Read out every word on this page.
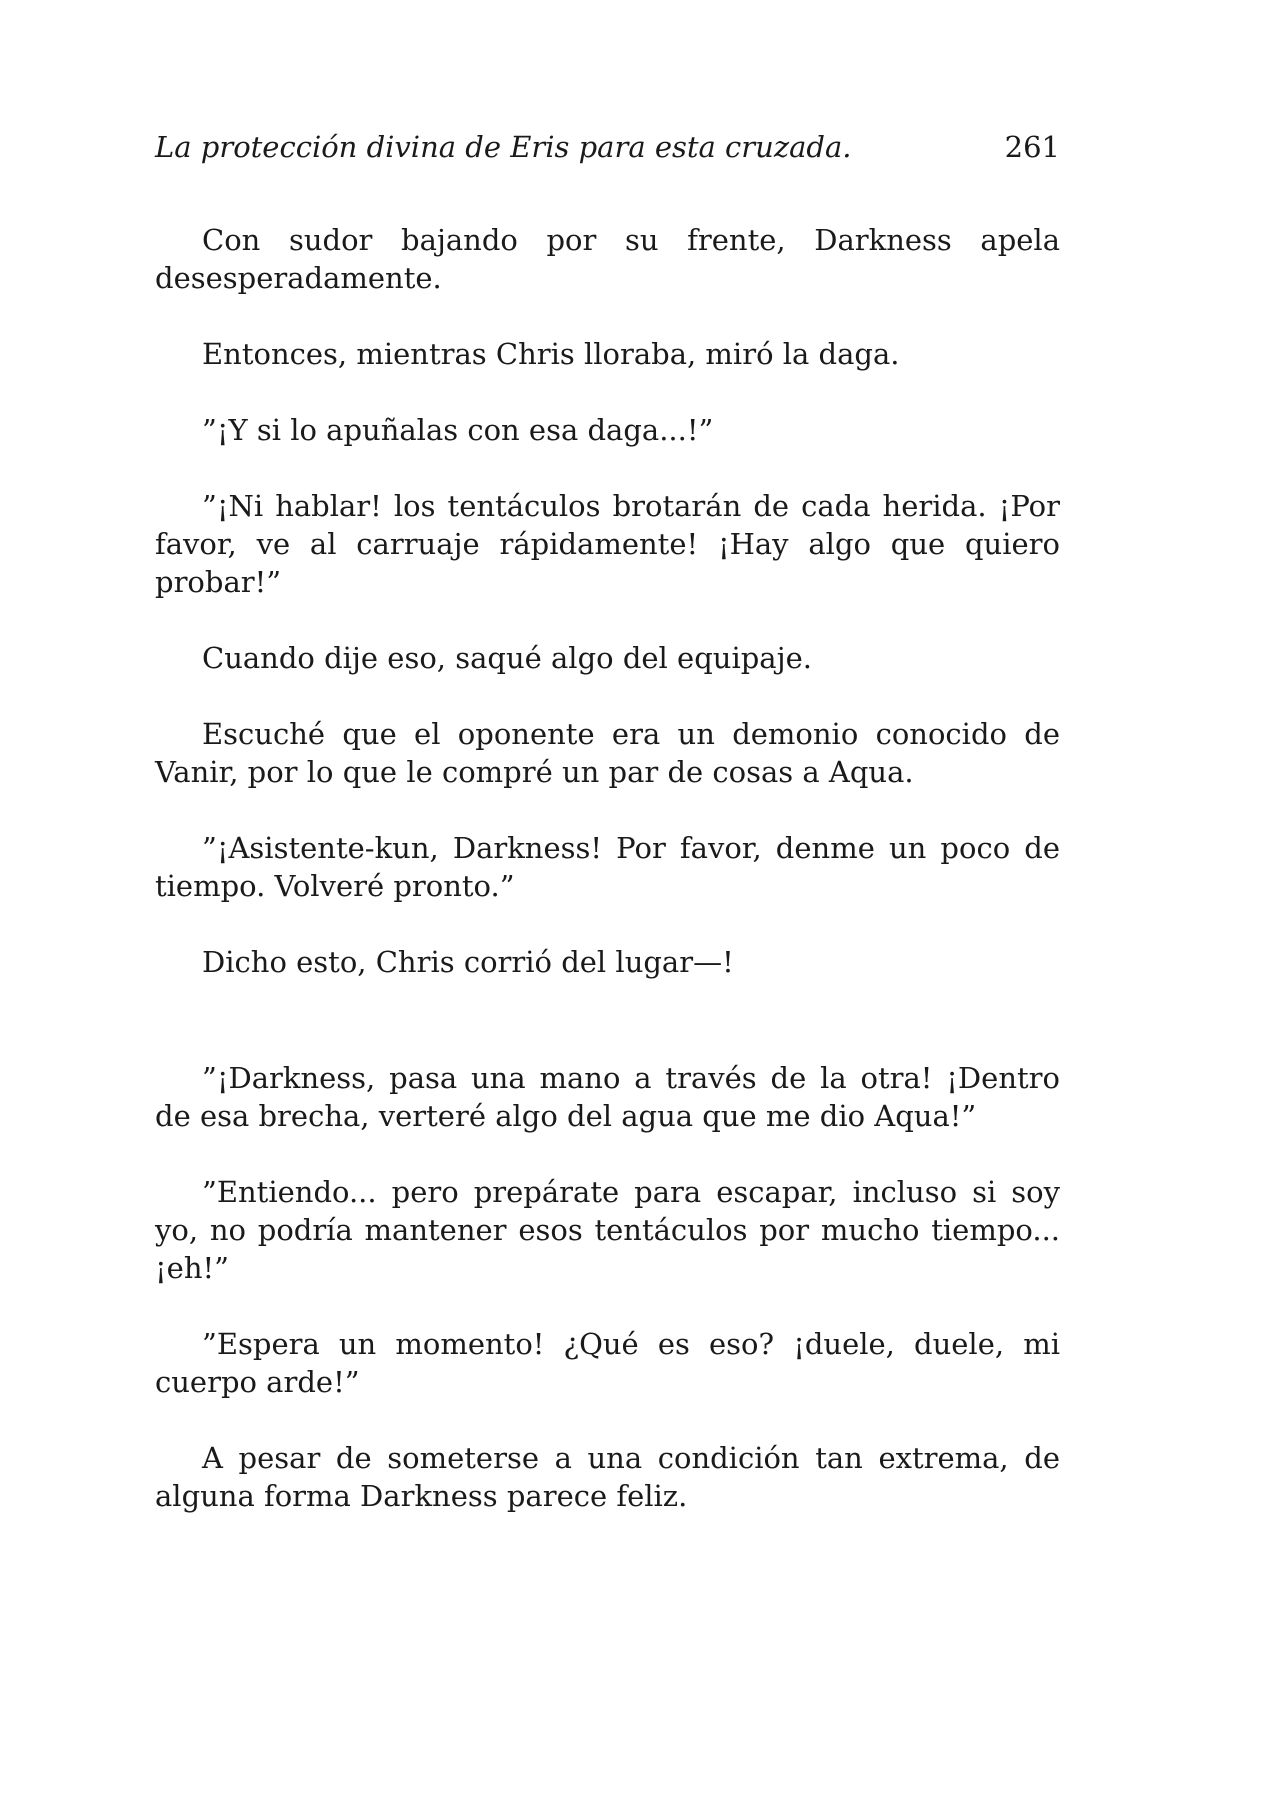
La protección divina de Eris para esta cruzada.	261

Con sudor bajando por su frente, Darkness apela desesperadamente.

Entonces, mientras Chris lloraba, miró la daga.

”¡Y si lo apuñalas con esa daga...!”

”¡Ni hablar! los tentáculos brotarán de cada herida. ¡Por favor, ve al carruaje rápidamente! ¡Hay algo que quiero probar!”

Cuando dije eso, saqué algo del equipaje.

Escuché que el oponente era un demonio conocido de Vanir, por lo que le compré un par de cosas a Aqua.

”¡Asistente-kun, Darkness! Por favor, denme un poco de tiempo. Volveré pronto.”

Dicho esto, Chris corrió del lugar—!

”¡Darkness, pasa una mano a través de la otra! ¡Dentro de esa brecha, verteré algo del agua que me dio Aqua!”

”Entiendo... pero prepárate para escapar, incluso si soy yo, no podría mantener esos tentáculos por mucho tiempo... ¡eh!”

”Espera un momento! ¿Qué es eso? ¡duele, duele, mi cuerpo arde!”

A pesar de someterse a una condición tan extrema, de alguna forma Darkness parece feliz.
